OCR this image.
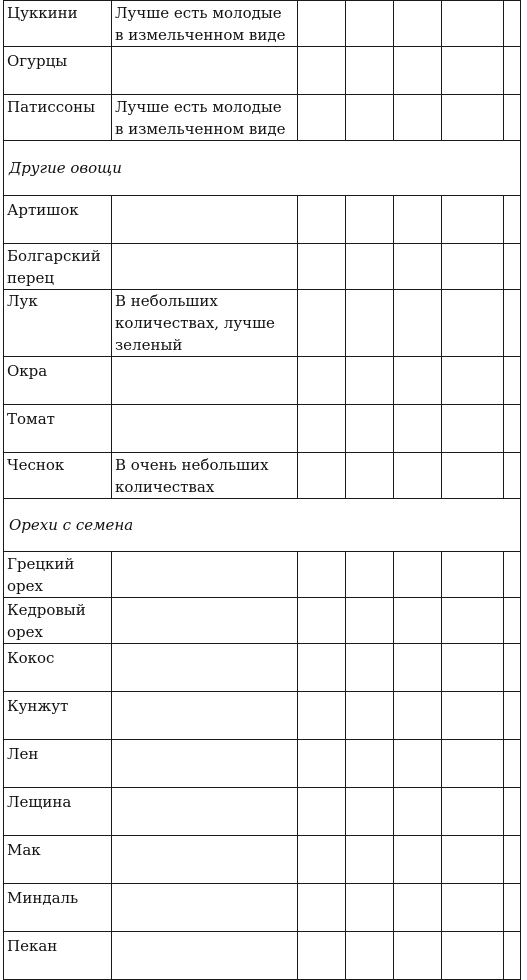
Цуккини	Лучше есть молодые в измельченном виде					
Огурцы						
Патиссоны	Лучше есть молодые в измельченном виде					
Другие овощи						
Артишок						
Болгарский перец						
Лук	В небольших количествах, лучше зеленый					
Окра						
Томат						
Чеснок	В очень небольших количествах					
Орехи с семена						
Грецкий орех						
Кедровый орех						
Кокос						
Кунжут						
Лен						
Лещина						
Мак						
Миндаль						
Пекан						
